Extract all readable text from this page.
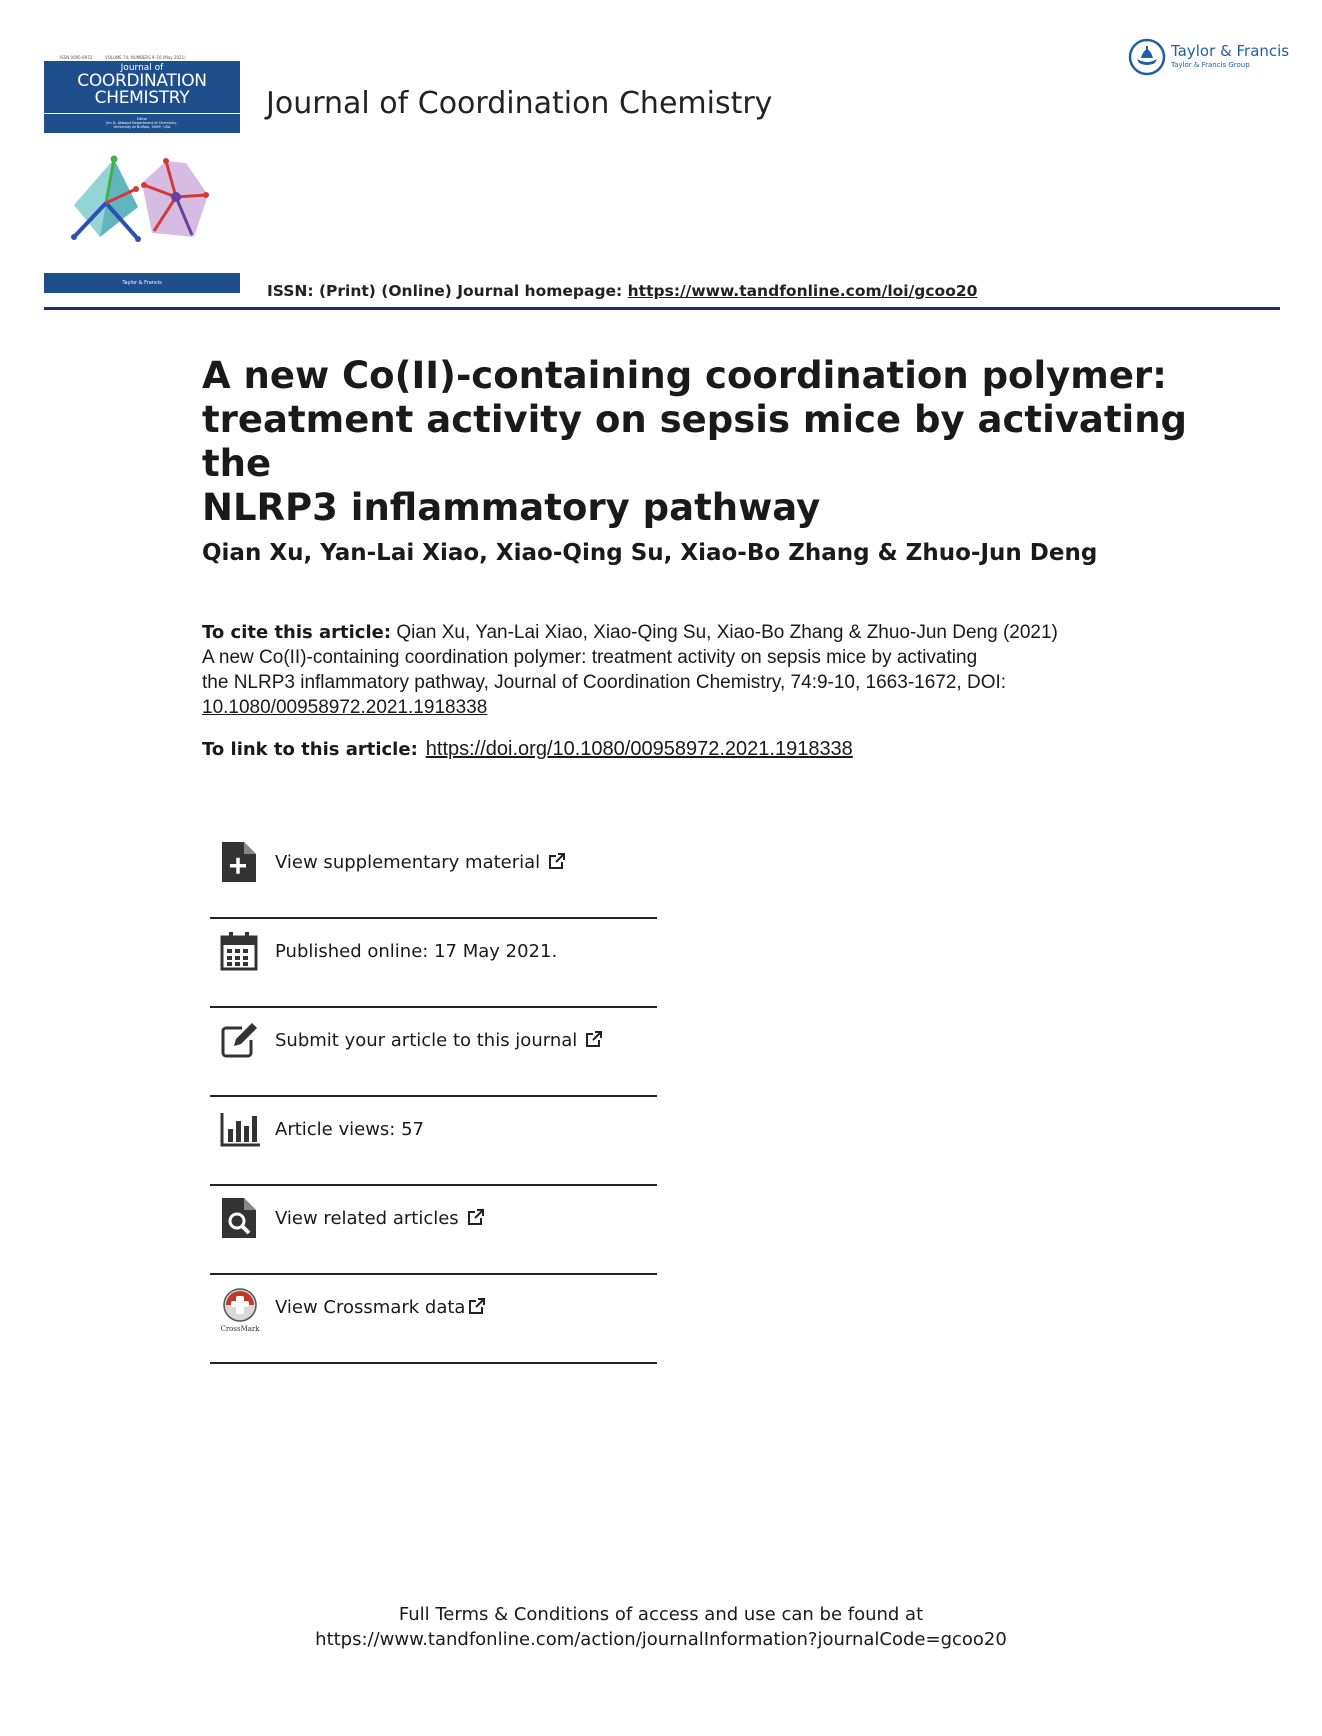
ISSN 0095-8972	VOLUME 74, NUMBERS 9–10 (May 2021)
Journal of
COORDINATION
CHEMISTRY
Editor
Jim D. Atwood Department of Chemistry,
University at Buffalo, SUNY, USA
Taylor & Francis
Journal of Coordination Chemistry
Taylor & Francis
Taylor & Francis Group
ISSN: (Print) (Online) Journal homepage: https://www.tandfonline.com/loi/gcoo20
A new Co(II)-containing coordination polymer:
treatment activity on sepsis mice by activating the
NLRP3 inflammatory pathway
Qian Xu, Yan-Lai Xiao, Xiao-Qing Su, Xiao-Bo Zhang & Zhuo-Jun Deng
To cite this article: Qian Xu, Yan-Lai Xiao, Xiao-Qing Su, Xiao-Bo Zhang & Zhuo-Jun Deng (2021)
A new Co(II)-containing coordination polymer: treatment activity on sepsis mice by activating
the NLRP3 inflammatory pathway, Journal of Coordination Chemistry, 74:9-10, 1663-1672, DOI:
10.1080/00958972.2021.1918338
To link to this article: https://doi.org/10.1080/00958972.2021.1918338
View supplementary material
Published online: 17 May 2021.
Submit your article to this journal
Article views: 57
View related articles
CrossMark
View Crossmark data
Full Terms & Conditions of access and use can be found at
https://www.tandfonline.com/action/journalInformation?journalCode=gcoo20
